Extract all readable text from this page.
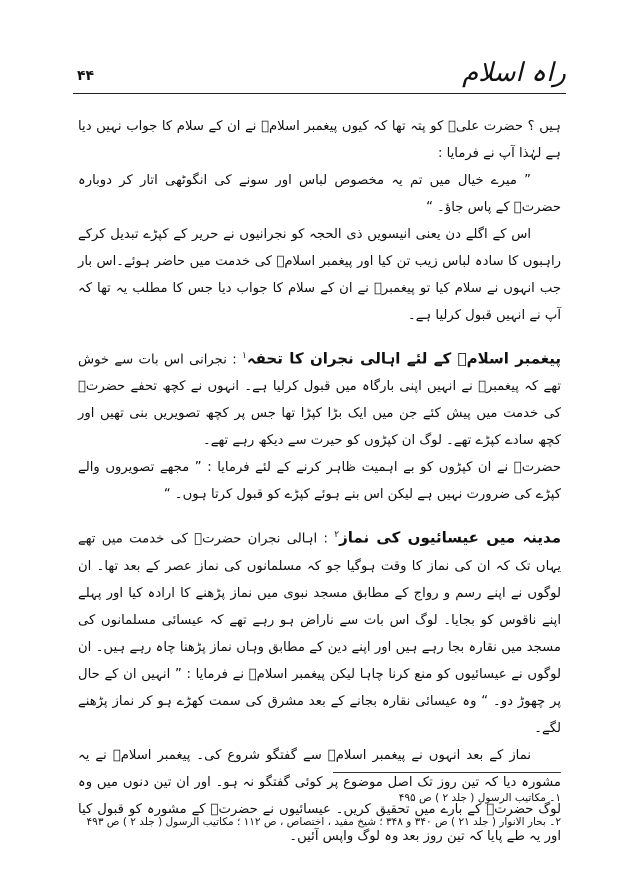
راہ اسلام
۴۴

ہیں ؟ حضرت علیؑ کو پتہ تھا کہ کیوں پیغمبر اسلامؐ نے ان کے سلام کا جواب نہیں دیا ہے لہٰذا آپ نے فرمایا :

” میرے خیال میں تم یہ مخصوص لباس اور سونے کی انگوٹھی اتار کر دوبارہ حضرتؐ کے پاس جاؤ۔ “

اس کے اگلے دن یعنی انیسویں ذی الحجہ کو نجرانیوں نے حریر کے کپڑے تبدیل کرکے راہبوں کا سادہ لباس زیب تن کیا اور پیغمبر اسلامؐ کی خدمت میں حاضر ہوئے۔اس بار جب انہوں نے سلام کیا تو پیغمبرؐ نے ان کے سلام کا جواب دیا جس کا مطلب یہ تھا کہ آپ نے انہیں قبول کرلیا ہے۔

پیغمبر اسلامؐ کے لئے اہالی نجران کا تحفہ$^۱$ : نجرانی اس بات سے خوش تھے کہ پیغمبرؐ نے انہیں اپنی بارگاہ میں قبول کرلیا ہے۔ انہوں نے کچھ تحفے حضرتؐ کی خدمت میں پیش کئے جن میں ایک بڑا کپڑا تھا جس پر کچھ تصویریں بنی تھیں اور کچھ سادے کپڑے تھے۔ لوگ ان کپڑوں کو حیرت سے دیکھ رہے تھے۔

حضرتؐ نے ان کپڑوں کو بے اہمیت ظاہر کرنے کے لئے فرمایا : ” مجھے تصویروں والے کپڑے کی ضرورت نہیں ہے لیکن اس بنے ہوئے کپڑے کو قبول کرتا ہوں۔ “

مدینہ میں عیسائیوں کی نماز$^۲$ : اہالی نجران حضرتؐ کی خدمت میں تھے یہاں تک کہ ان کی نماز کا وقت ہوگیا جو کہ مسلمانوں کی نماز عصر کے بعد تھا۔ ان لوگوں نے اپنے رسم و رواج کے مطابق مسجد نبوی میں نماز پڑھنے کا ارادہ کیا اور پہلے اپنے ناقوس کو بجایا۔ لوگ اس بات سے ناراض ہو رہے تھے کہ عیسائی مسلمانوں کی مسجد میں نقارہ بجا رہے ہیں اور اپنے دین کے مطابق وہاں نماز پڑھنا چاہ رہے ہیں۔ ان لوگوں نے عیسائیوں کو منع کرنا چاہا لیکن پیغمبر اسلامؐ نے فرمایا : ” انہیں ان کے حال پر چھوڑ دو۔ “ وہ عیسائی نقارہ بجانے کے بعد مشرق کی سمت کھڑے ہو کر نماز پڑھنے لگے۔

نماز کے بعد انہوں نے پیغمبر اسلامؐ سے گفتگو شروع کی۔ پیغمبر اسلامؐ نے یہ مشورہ دیا کہ تین روز تک اصل موضوع پر کوئی گفتگو نہ ہو۔ اور ان تین دنوں میں وہ لوگ حضرتؐ کے بارے میں تحقیق کریں۔ عیسائیوں نے حضرتؐ کے مشورہ کو قبول کیا اور یہ طے پایا کہ تین روز بعد وہ لوگ واپس آئیں۔

۱۔ مکاتیب الرسول ( جلد ۲ ) ص ۴۹۵

۲۔ بحار الانوار ( جلد ۲۱ ) ص ۳۴۰ و ۳۴۸ ؛ شیخ مفید ، اختصاص ، ص ۱۱۲ ؛ مکاتیب الرسول ( جلد ۲ ) ص ۴۹۳
